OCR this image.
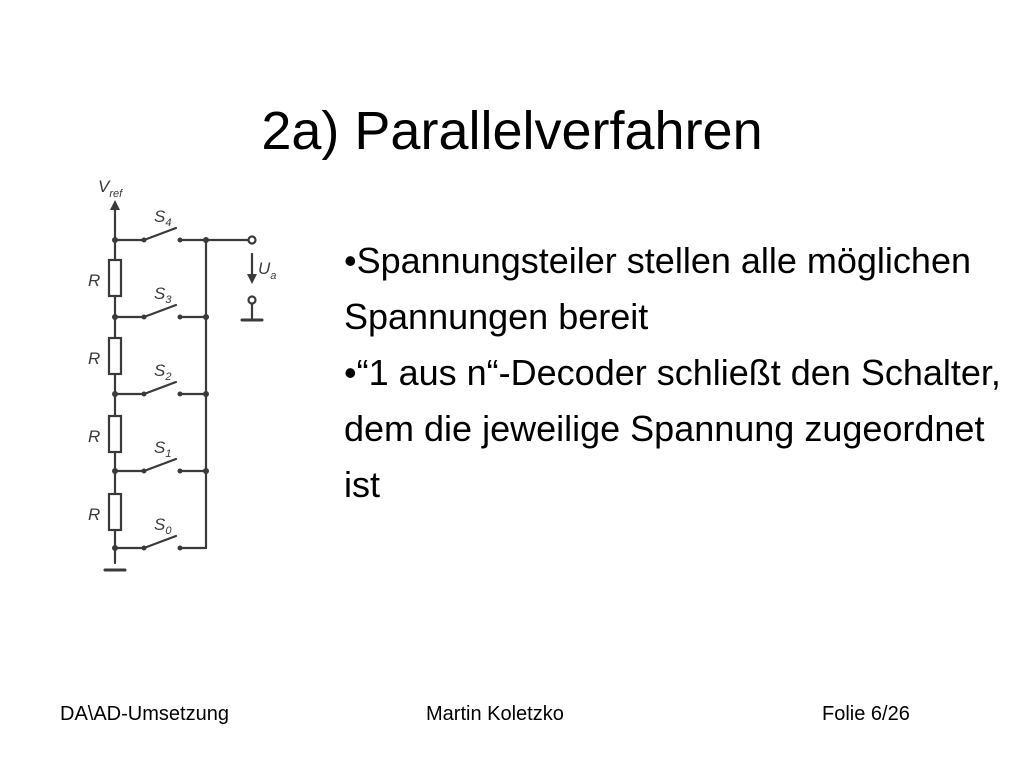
2a) Parallelverfahren
$V_{ref}$
$U_a$
R
R
R
R
$S_4$
$S_3$
$S_2$
$S_1$
$S_0$

•Spannungsteiler stellen alle möglichen Spannungen bereit

•“1 aus n“-Decoder schließt den Schalter, dem die jeweilige Spannung zugeordnet ist

DA\AD-Umsetzung	Martin Koletzko	Folie 6/26
